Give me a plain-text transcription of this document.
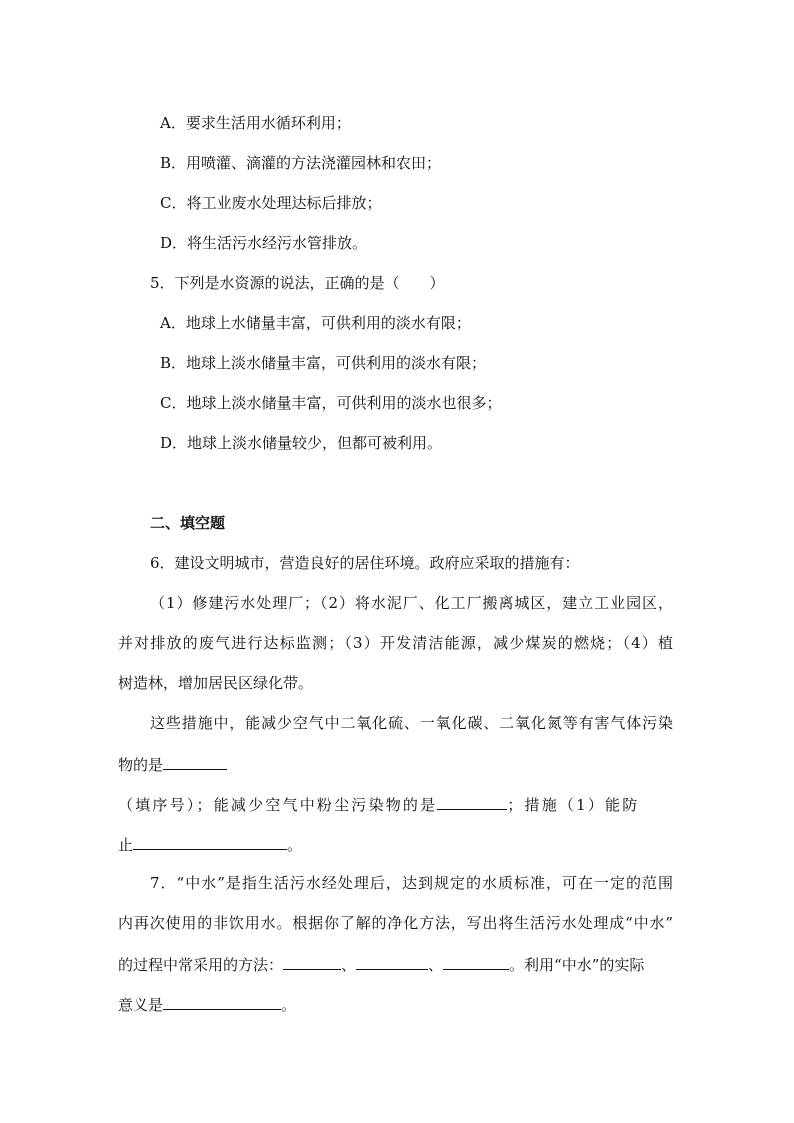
A．要求生活用水循环利用；
B．用喷灌、滴灌的方法浇灌园林和农田；
C．将工业废水处理达标后排放；
D．将生活污水经污水管排放。
5．下列是水资源的说法，正确的是（　　）
A．地球上水储量丰富，可供利用的淡水有限；
B．地球上淡水储量丰富，可供利用的淡水有限；
C．地球上淡水储量丰富，可供利用的淡水也很多；
D．地球上淡水储量较少，但都可被利用。
二、填空题
6．建设文明城市，营造良好的居住环境。政府应采取的措施有：
（1）修建污水处理厂；（2）将水泥厂、化工厂搬离城区，建立工业园区，
并对排放的废气进行达标监测；（3）开发清洁能源，减少煤炭的燃烧；（4）植
树造林，增加居民区绿化带。
这些措施中，能减少空气中二氧化硫、一氧化碳、二氧化氮等有害气体污染
物的是
（填序号）；能减少空气中粉尘污染物的是	；措施（1）能防
止	。
7．“中水”是指生活污水经处理后，达到规定的水质标准，可在一定的范围
内再次使用的非饮用水。根据你了解的净化方法，写出将生活污水处理成“中水”
的过程中常采用的方法：	、	、	。利用“中水”的实际
意义是	。
